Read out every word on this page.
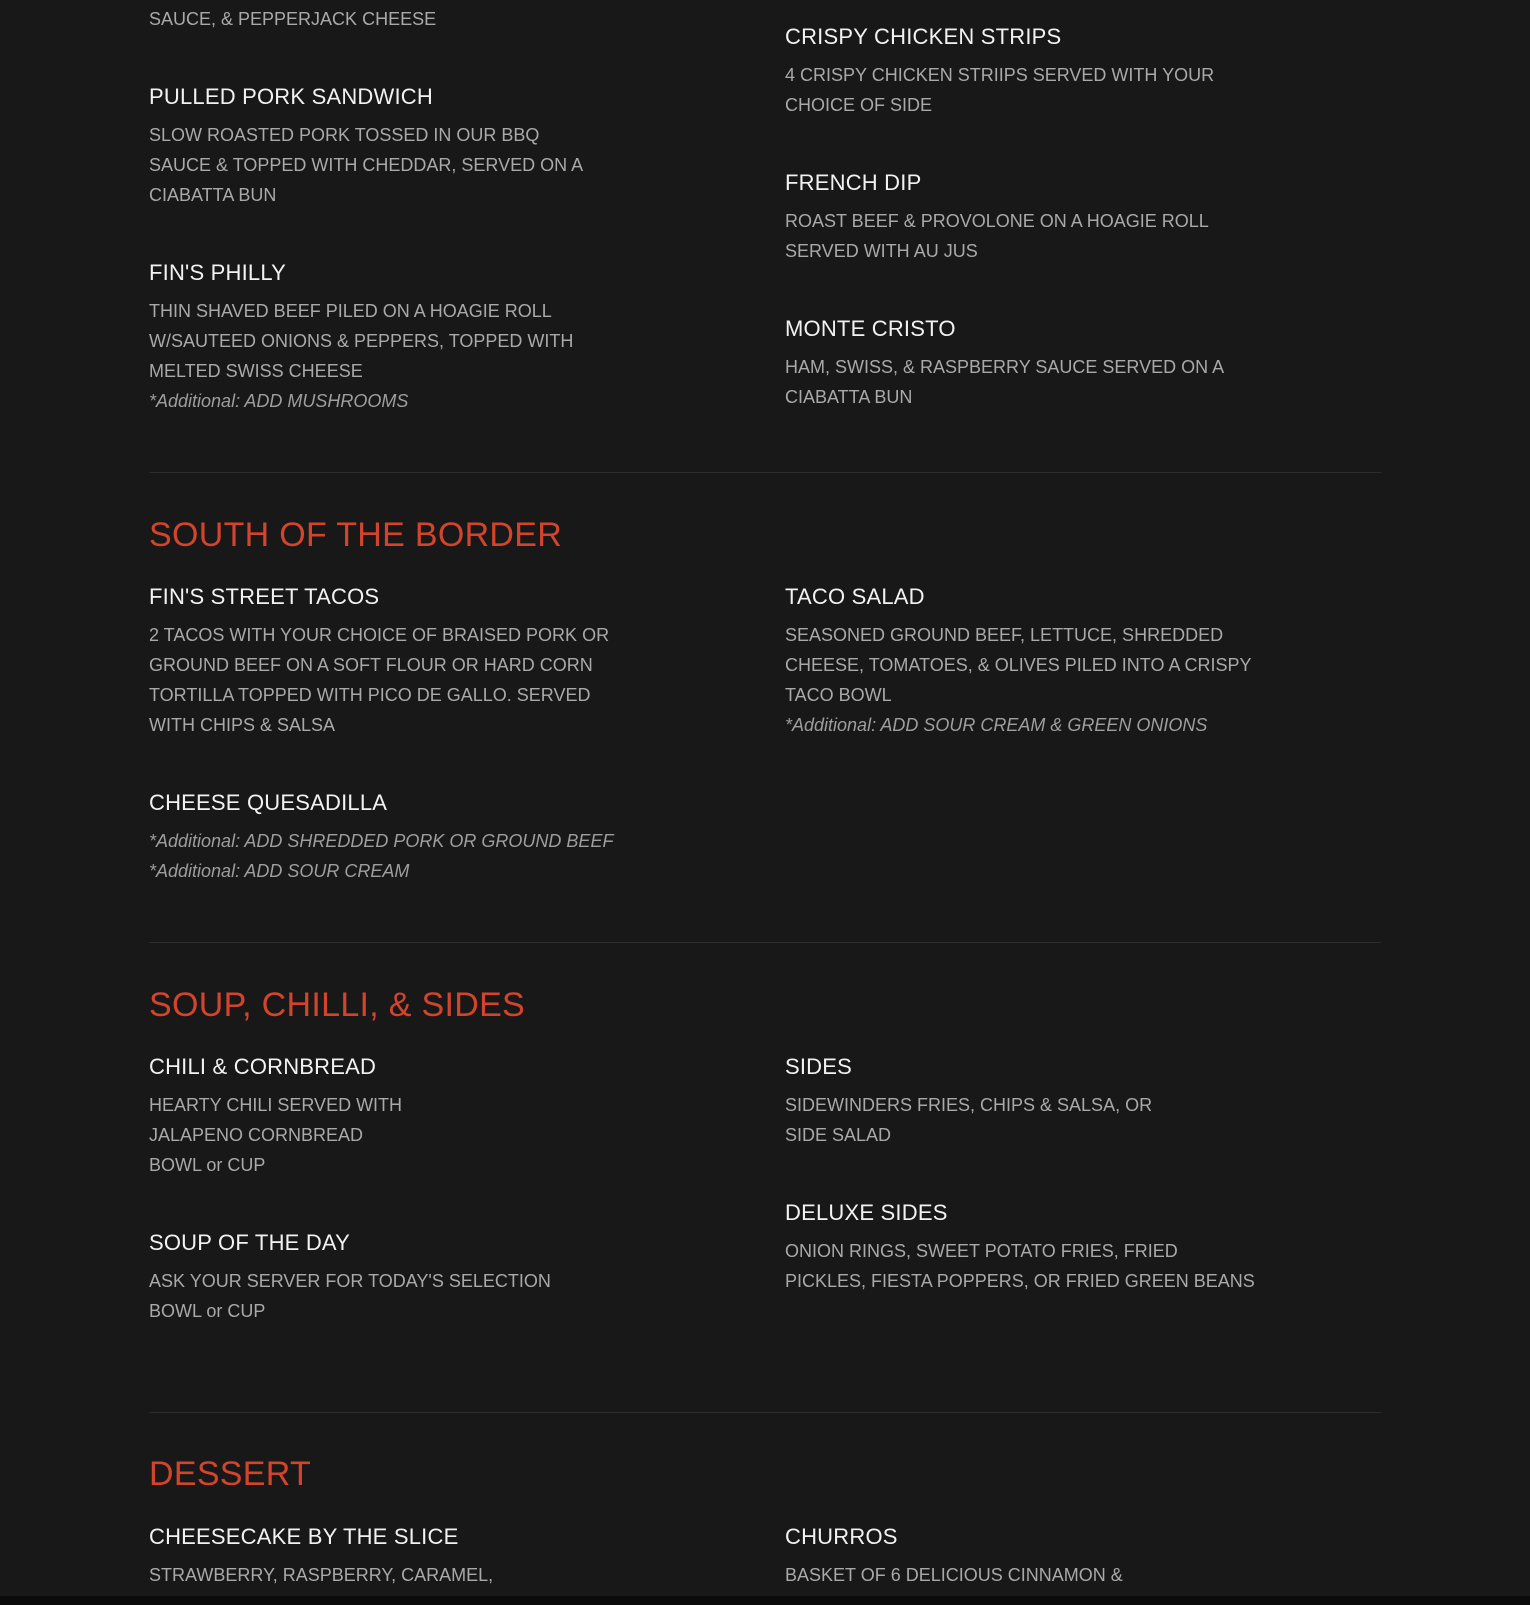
SAUCE, & PEPPERJACK CHEESE
PULLED PORK SANDWICH
SLOW ROASTED PORK TOSSED IN OUR BBQ
SAUCE & TOPPED WITH CHEDDAR, SERVED ON A
CIABATTA BUN
FIN'S PHILLY
THIN SHAVED BEEF PILED ON A HOAGIE ROLL
W/SAUTEED ONIONS & PEPPERS, TOPPED WITH
MELTED SWISS CHEESE
*Additional: ADD MUSHROOMS
CRISPY CHICKEN STRIPS
4 CRISPY CHICKEN STRIIPS SERVED WITH YOUR
CHOICE OF SIDE
FRENCH DIP
ROAST BEEF & PROVOLONE ON A HOAGIE ROLL
SERVED WITH AU JUS
MONTE CRISTO
HAM, SWISS, & RASPBERRY SAUCE SERVED ON A
CIABATTA BUN
SOUTH OF THE BORDER
FIN'S STREET TACOS
2 TACOS WITH YOUR CHOICE OF BRAISED PORK OR
GROUND BEEF ON A SOFT FLOUR OR HARD CORN
TORTILLA TOPPED WITH PICO DE GALLO. SERVED
WITH CHIPS & SALSA
CHEESE QUESADILLA
*Additional: ADD SHREDDED PORK OR GROUND BEEF
*Additional: ADD SOUR CREAM
TACO SALAD
SEASONED GROUND BEEF, LETTUCE, SHREDDED
CHEESE, TOMATOES, & OLIVES PILED INTO A CRISPY
TACO BOWL
*Additional: ADD SOUR CREAM & GREEN ONIONS
SOUP, CHILLI, & SIDES
CHILI & CORNBREAD
HEARTY CHILI SERVED WITH
JALAPENO CORNBREAD
BOWL or CUP
SOUP OF THE DAY
ASK YOUR SERVER FOR TODAY'S SELECTION
BOWL or CUP
SIDES
SIDEWINDERS FRIES, CHIPS & SALSA, OR
SIDE SALAD
DELUXE SIDES
ONION RINGS, SWEET POTATO FRIES, FRIED
PICKLES, FIESTA POPPERS, OR FRIED GREEN BEANS
DESSERT
CHEESECAKE BY THE SLICE
STRAWBERRY, RASPBERRY, CARAMEL,
CHURROS
BASKET OF 6 DELICIOUS CINNAMON &
